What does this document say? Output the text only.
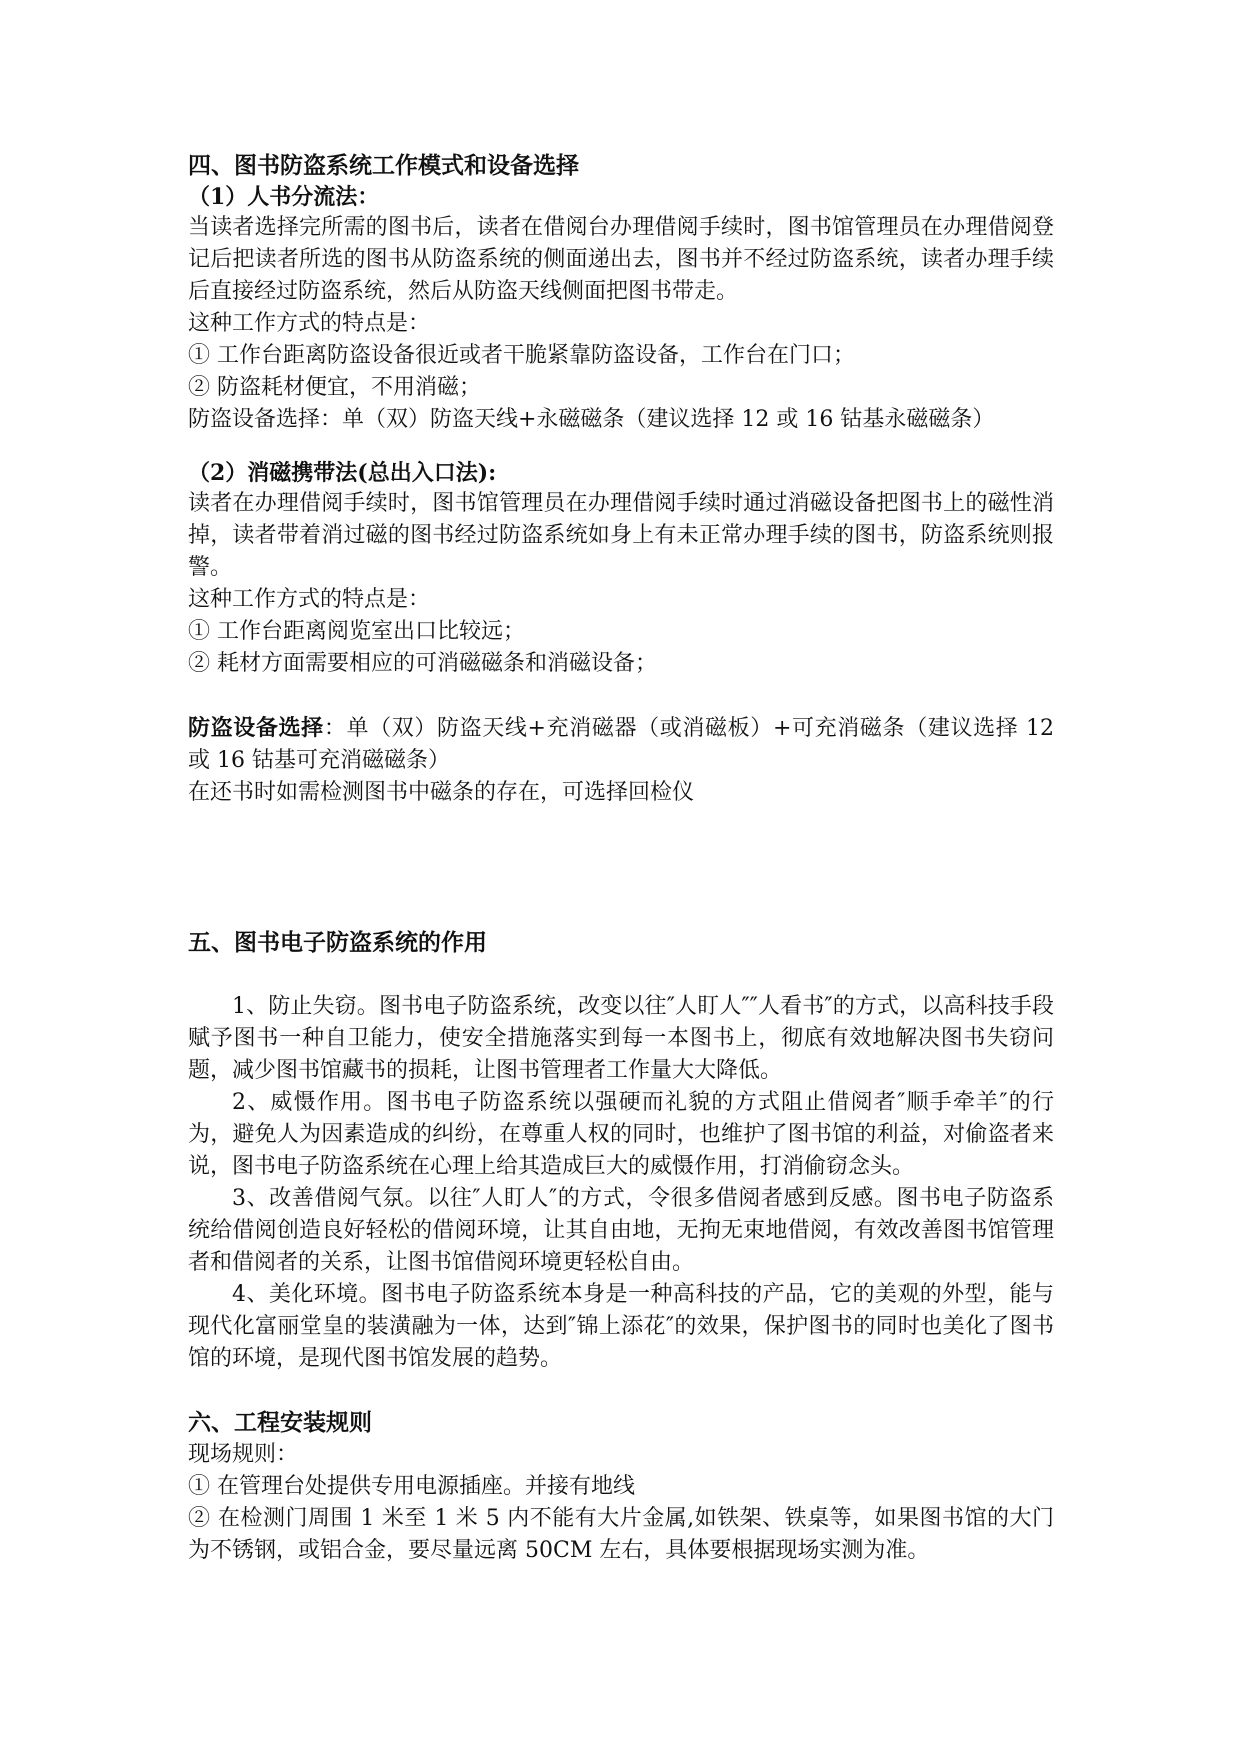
四、图书防盗系统工作模式和设备选择
（1）人书分流法：

当读者选择完所需的图书后，读者在借阅台办理借阅手续时，图书馆管理员在办理借阅登记后把读者所选的图书从防盗系统的侧面递出去，图书并不经过防盗系统，读者办理手续后直接经过防盗系统，然后从防盗天线侧面把图书带走。

这种工作方式的特点是：

① 工作台距离防盗设备很近或者干脆紧靠防盗设备，工作台在门口；

② 防盗耗材便宜，不用消磁；

防盗设备选择：单（双）防盗天线+永磁磁条（建议选择 12 或 16 钴基永磁磁条）

（2）消磁携带法(总出入口法):

读者在办理借阅手续时，图书馆管理员在办理借阅手续时通过消磁设备把图书上的磁性消掉，读者带着消过磁的图书经过防盗系统如身上有未正常办理手续的图书，防盗系统则报警。

这种工作方式的特点是：

① 工作台距离阅览室出口比较远；

② 耗材方面需要相应的可消磁磁条和消磁设备；

防盗设备选择：单（双）防盗天线+充消磁器（或消磁板）+可充消磁条（建议选择 12 或 16 钴基可充消磁磁条）

在还书时如需检测图书中磁条的存在，可选择回检仪

五、图书电子防盗系统的作用

1、防止失窃。图书电子防盗系统，改变以往″人盯人″″人看书″的方式，以高科技手段赋予图书一种自卫能力，使安全措施落实到每一本图书上，彻底有效地解决图书失窃问题，减少图书馆藏书的损耗，让图书管理者工作量大大降低。

2、威慑作用。图书电子防盗系统以强硬而礼貌的方式阻止借阅者″顺手牵羊″的行为，避免人为因素造成的纠纷，在尊重人权的同时，也维护了图书馆的利益，对偷盗者来说，图书电子防盗系统在心理上给其造成巨大的威慑作用，打消偷窃念头。

3、改善借阅气氛。以往″人盯人″的方式，令很多借阅者感到反感。图书电子防盗系统给借阅创造良好轻松的借阅环境，让其自由地，无拘无束地借阅，有效改善图书馆管理者和借阅者的关系，让图书馆借阅环境更轻松自由。

4、美化环境。图书电子防盗系统本身是一种高科技的产品，它的美观的外型，能与现代化富丽堂皇的装潢融为一体，达到″锦上添花″的效果，保护图书的同时也美化了图书馆的环境，是现代图书馆发展的趋势。

六、工程安装规则

现场规则：

① 在管理台处提供专用电源插座。并接有地线

② 在检测门周围 1 米至 1 米 5 内不能有大片金属,如铁架、铁桌等，如果图书馆的大门为不锈钢，或铝合金，要尽量远离 50CM 左右，具体要根据现场实测为准。
